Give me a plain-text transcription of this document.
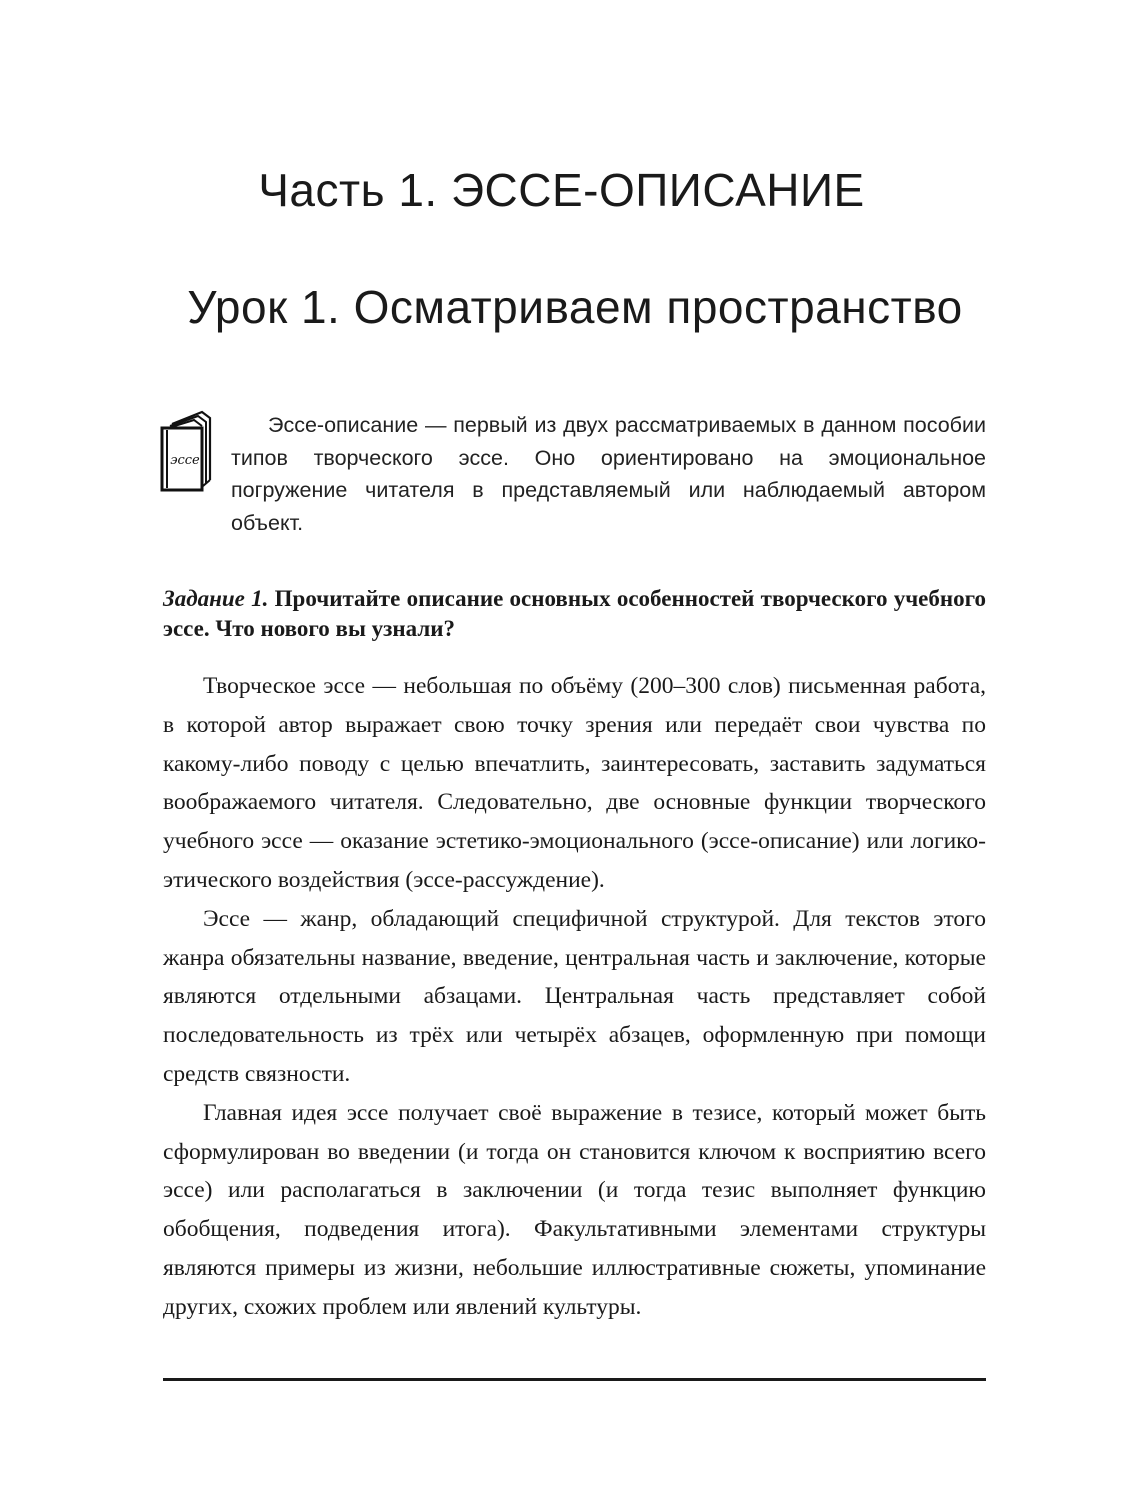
Часть 1. ЭССЕ-ОПИСАНИЕ
Урок 1. Осматриваем пространство
эссе

Эссе-описание — первый из двух рассматриваемых в данном пособии типов творческого эссе. Оно ориентировано на эмоциональное погружение читателя в представляемый или наблюдаемый автором объект.

Задание 1. Прочитайте описание основных особенностей творческого учебного эссе. Что нового вы узнали?

Творческое эссе — небольшая по объёму (200–300 слов) письменная работа, в которой автор выражает свою точку зрения или передаёт свои чувства по какому-либо поводу с целью впечатлить, заинтересовать, заставить задуматься воображаемого читателя. Следовательно, две основные функции творческого учебного эссе — оказание эстетико-эмоционального (эссе-описание) или логико-этического воздействия (эссе-рассуждение).

Эссе — жанр, обладающий специфичной структурой. Для текстов этого жанра обязательны название, введение, центральная часть и заключение, которые являются отдельными абзацами. Центральная часть представляет собой последовательность из трёх или четырёх абзацев, оформленную при помощи средств связности.

Главная идея эссе получает своё выражение в тезисе, который может быть сформулирован во введении (и тогда он становится ключом к восприятию всего эссе) или располагаться в заключении (и тогда тезис выполняет функцию обобщения, подведения итога). Факультативными элементами структуры являются примеры из жизни, небольшие иллюстративные сюжеты, упоминание других, схожих проблем или явлений культуры.
